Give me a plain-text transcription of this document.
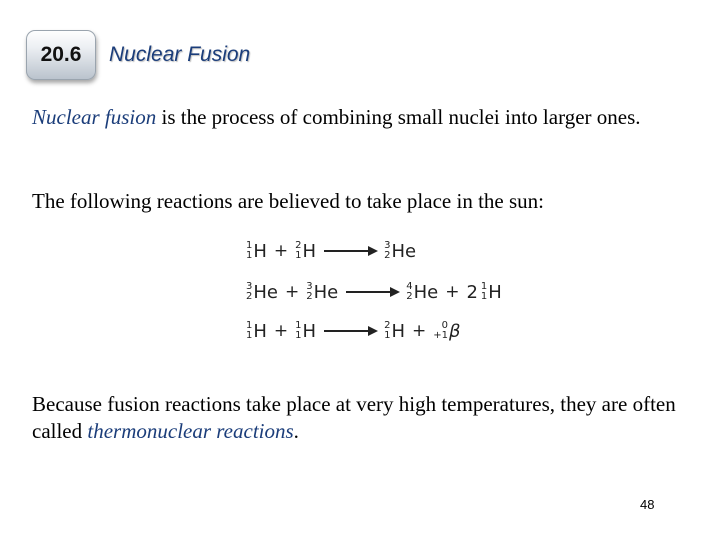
20.6 Nuclear Fusion

Nuclear fusion is the process of combining small nuclei into larger ones.

The following reactions are believed to take place in the sun:

1
1 H + 2
1 H → 3
2 He
3
2 He + 3
2 He → 4
2 He + 2 1
1 H
1
1 H + 1
1 H → 2
1 H + 0
+1 β

Because fusion reactions take place at very high temperatures, they are often called thermonuclear reactions.

48
